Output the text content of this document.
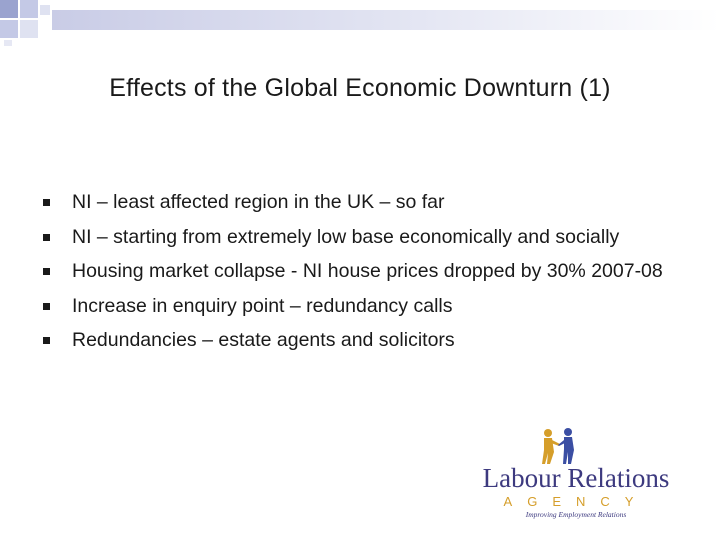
Effects of the Global Economic Downturn (1)
NI – least affected region in the UK – so far
NI – starting from extremely low base economically and socially
Housing market collapse - NI house prices dropped by 30% 2007-08
Increase in enquiry point – redundancy calls
Redundancies – estate agents and solicitors
Labour Relations
AGENCY
Improving Employment Relations
